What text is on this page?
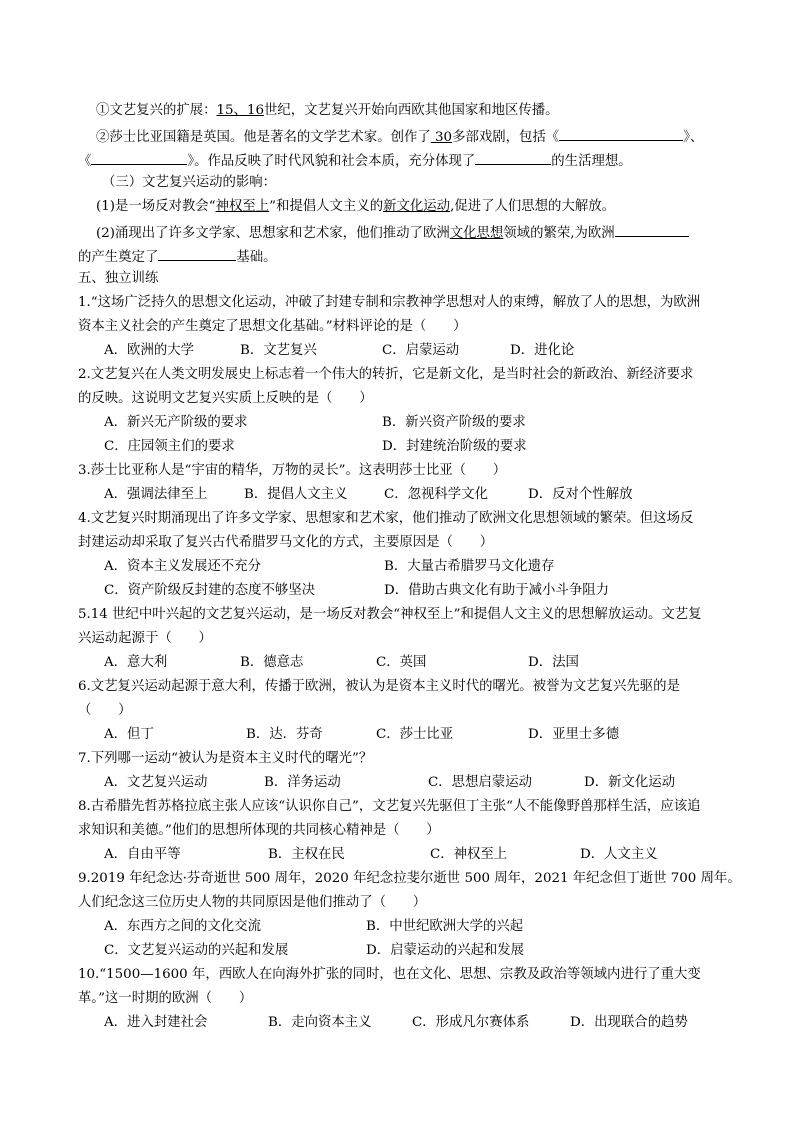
①文艺复兴的扩展：15、16世纪，文艺复兴开始向西欧其他国家和地区传播。
②莎士比亚国籍是英国。他是著名的文学艺术家。创作了 30多部戏剧，包括《	》、
《	》。作品反映了时代风貌和社会本质，充分体现了	的生活理想。
（三）文艺复兴运动的影响：
(1)是一场反对教会“神权至上”和提倡人文主义的新文化运动,促进了人们思想的大解放。
(2)涌现出了许多文学家、思想家和艺术家，他们推动了欧洲文化思想领域的繁荣,为欧洲
的产生奠定了	基础。
五、独立训练
1.“这场广泛持久的思想文化运动，冲破了封建专制和宗教神学思想对人的束缚，解放了人的思想，为欧洲
资本主义社会的产生奠定了思想文化基础。”材料评论的是（　　）
A．欧洲的大学	B．文艺复兴	C．启蒙运动	D．进化论
2.文艺复兴在人类文明发展史上标志着一个伟大的转折，它是新文化，是当时社会的新政治、新经济要求
的反映。这说明文艺复兴实质上反映的是（　　）
A．新兴无产阶级的要求	B．新兴资产阶级的要求
C．庄园领主们的要求	D．封建统治阶级的要求
3.莎士比亚称人是“宇宙的精华，万物的灵长”。这表明莎士比亚（　　）
A．强调法律至上	B．提倡人文主义	C．忽视科学文化	D．反对个性解放
4.文艺复兴时期涌现出了许多文学家、思想家和艺术家，他们推动了欧洲文化思想领域的繁荣。但这场反
封建运动却采取了复兴古代希腊罗马文化的方式，主要原因是（　　）
A．资本主义发展还不充分	B．大量古希腊罗马文化遗存
C．资产阶级反封建的态度不够坚决	D．借助古典文化有助于减小斗争阻力
5.14 世纪中叶兴起的文艺复兴运动，是一场反对教会“神权至上”和提倡人文主义的思想解放运动。文艺复
兴运动起源于（　　）
A．意大利	B．德意志	C．英国	D．法国
6.文艺复兴运动起源于意大利，传播于欧洲，被认为是资本主义时代的曙光。被誉为文艺复兴先驱的是
（　　）
A．但丁	B．达．芬奇	C．莎士比亚	D．亚里士多德
7.下列哪一运动“被认为是资本主义时代的曙光”？
A．文艺复兴运动	B．洋务运动	C．思想启蒙运动	D．新文化运动
8.古希腊先哲苏格拉底主张人应该“认识你自己”，文艺复兴先驱但丁主张“人不能像野兽那样生活，应该追
求知识和美德。”他们的思想所体现的共同核心精神是（　　）
A．自由平等	B．主权在民	C．神权至上	D．人文主义
9.2019 年纪念达·芬奇逝世 500 周年，2020 年纪念拉斐尔逝世 500 周年，2021 年纪念但丁逝世 700 周年。
人们纪念这三位历史人物的共同原因是他们推动了（　　）
A．东西方之间的文化交流	B．中世纪欧洲大学的兴起
C．文艺复兴运动的兴起和发展	D．启蒙运动的兴起和发展
10.“1500—1600 年，西欧人在向海外扩张的同时，也在文化、思想、宗教及政治等领域内进行了重大变
革。”这一时期的欧洲（　　）
A．进入封建社会	B．走向资本主义	C．形成凡尔赛体系	D．出现联合的趋势
